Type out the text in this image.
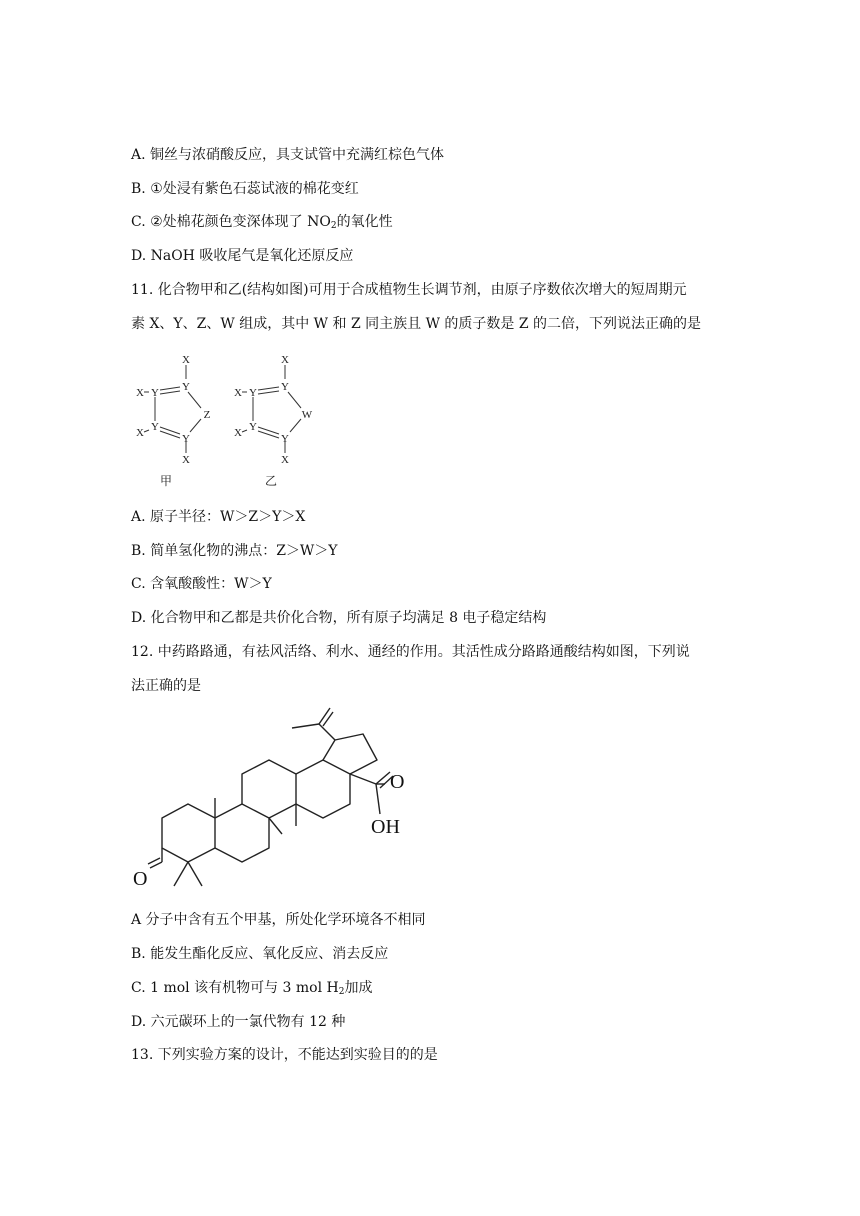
A. 铜丝与浓硝酸反应，具支试管中充满红棕色气体
B. ①处浸有紫色石蕊试液的棉花变红
C. ②处棉花颜色变深体现了 $NO_2$的氧化性
D. NaOH 吸收尾气是氧化还原反应
11. 化合物甲和乙(结构如图)可用于合成植物生长调节剂，由原子序数依次增大的短周期元
素 X、Y、Z、W 组成，其中 W 和 Z 同主族且 W 的质子数是 Z 的二倍，下列说法正确的是
X
Y
X Y
Z
X Y
Y
X
X
Y
X Y
W
X Y
Y
X
甲	乙
A. 原子半径：W＞Z＞Y＞X
B. 简单氢化物的沸点：Z＞W＞Y
C. 含氧酸酸性：W＞Y
D. 化合物甲和乙都是共价化合物，所有原子均满足 8 电子稳定结构
12. 中药路路通，有祛风活络、利水、通经的作用。其活性成分路路通酸结构如图，下列说
法正确的是
O
O
OH
A 分子中含有五个甲基，所处化学环境各不相同
B. 能发生酯化反应、氧化反应、消去反应
C. 1 mol 该有机物可与 3 mol $H_2$加成
D. 六元碳环上的一氯代物有 12 种
13. 下列实验方案的设计，不能达到实验目的的是
